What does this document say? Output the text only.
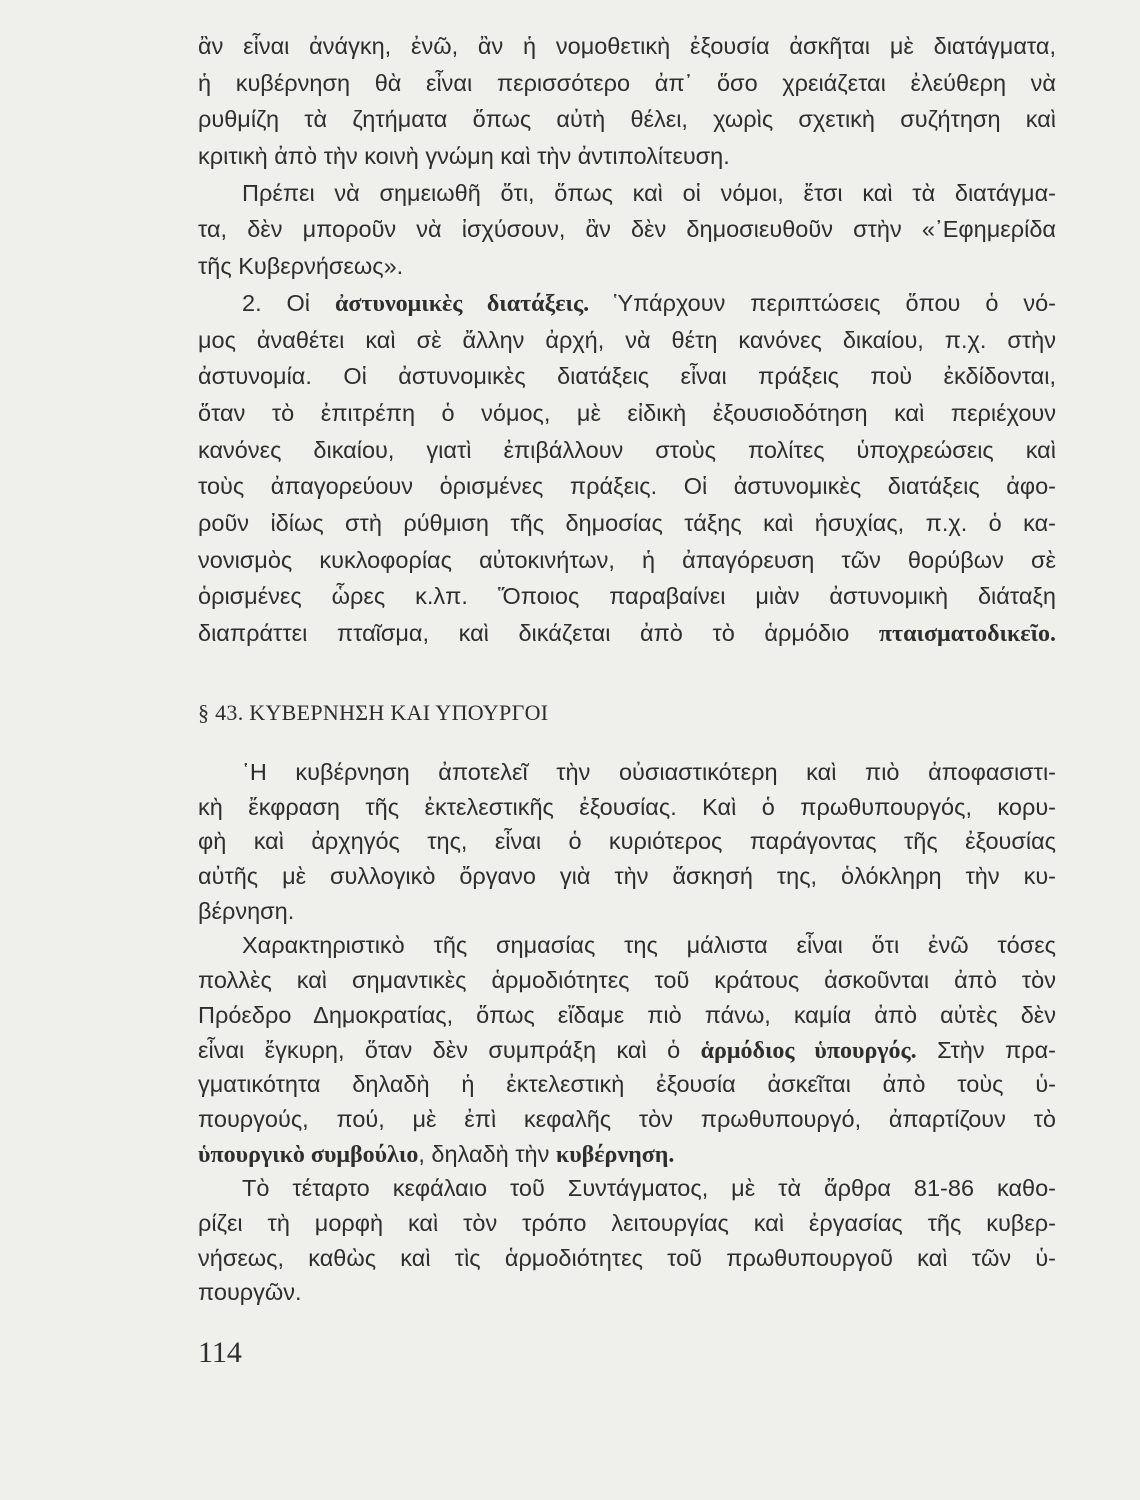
ἂν εἶναι ἀνάγκη, ἐνῶ, ἂν ἡ νομοθετικὴ ἐξουσία ἀσκῆται μὲ διατάγματα,
ἡ κυβέρνηση θὰ εἶναι περισσότερο ἀπ᾽ ὅσο χρειάζεται ἐλεύθερη νὰ
ρυθμίζη τὰ ζητήματα ὅπως αὐτὴ θέλει, χωρὶς σχετικὴ συζήτηση καὶ
κριτικὴ ἀπὸ τὴν κοινὴ γνώμη καὶ τὴν ἀντιπολίτευση.
Πρέπει νὰ σημειωθῆ ὅτι, ὅπως καὶ οἱ νόμοι, ἔτσι καὶ τὰ διατάγμα-
τα, δὲν μποροῦν νὰ ἰσχύσουν, ἂν δὲν δημοσιευθοῦν στὴν «᾿Εφημερίδα
τῆς Κυβερνήσεως».
2. Οἱ ἀστυνομικὲς διατάξεις. Ὑπάρχουν περιπτώσεις ὅπου ὁ νό-
μος ἀναθέτει καὶ σὲ ἄλλην ἀρχή, νὰ θέτη κανόνες δικαίου, π.χ. στὴν
ἀστυνομία. Οἱ ἀστυνομικὲς διατάξεις εἶναι πράξεις ποὺ ἐκδίδονται,
ὅταν τὸ ἐπιτρέπη ὁ νόμος, μὲ εἰδικὴ ἐξουσιοδότηση καὶ περιέχουν
κανόνες δικαίου, γιατὶ ἐπιβάλλουν στοὺς πολίτες ὑποχρεώσεις καὶ
τοὺς ἀπαγορεύουν ὁρισμένες πράξεις. Οἱ ἀστυνομικὲς διατάξεις ἀφο-
ροῦν ἰδίως στὴ ρύθμιση τῆς δημοσίας τάξης καὶ ἡσυχίας, π.χ. ὁ κα-
νονισμὸς κυκλοφορίας αὐτοκινήτων, ἡ ἀπαγόρευση τῶν θορύβων σὲ
ὁρισμένες ὧρες κ.λπ. Ὅποιος παραβαίνει μιὰν ἀστυνομικὴ διάταξη
διαπράττει πταῖσμα, καὶ δικάζεται ἀπὸ τὸ ἁρμόδιο πταισματοδικεῖο.
§ 43. ΚΥΒΕΡΝΗΣΗ ΚΑΙ ΥΠΟΥΡΓΟΙ
῾Η κυβέρνηση ἀποτελεῖ τὴν οὐσιαστικότερη καὶ πιὸ ἀποφασιστι-
κὴ ἔκφραση τῆς ἐκτελεστικῆς ἐξουσίας. Καὶ ὁ πρωθυπουργός, κορυ-
φὴ καὶ ἀρχηγός της, εἶναι ὁ κυριότερος παράγοντας τῆς ἐξουσίας
αὐτῆς μὲ συλλογικὸ ὄργανο γιὰ τὴν ἄσκησή της, ὁλόκληρη τὴν κυ-
βέρνηση.
Χαρακτηριστικὸ τῆς σημασίας της μάλιστα εἶναι ὅτι ἐνῶ τόσες
πολλὲς καὶ σημαντικὲς ἁρμοδιότητες τοῦ κράτους ἀσκοῦνται ἀπὸ τὸν
Πρόεδρο Δημοκρατίας, ὅπως εἴδαμε πιὸ πάνω, καμία ἀπὸ αὐτὲς δὲν
εἶναι ἔγκυρη, ὅταν δὲν συμπράξη καὶ ὁ ἁρμόδιος ὑπουργός. Στὴν πρα-
γματικότητα δηλαδὴ ἡ ἐκτελεστικὴ ἐξουσία ἀσκεῖται ἀπὸ τοὺς ὑ-
πουργούς, πού, μὲ ἐπὶ κεφαλῆς τὸν πρωθυπουργό, ἀπαρτίζουν τὸ
ὑπουργικὸ συμβούλιο, δηλαδὴ τὴν κυβέρνηση.
Τὸ τέταρτο κεφάλαιο τοῦ Συντάγματος, μὲ τὰ ἄρθρα 81-86 καθο-
ρίζει τὴ μορφὴ καὶ τὸν τρόπο λειτουργίας καὶ ἐργασίας τῆς κυβερ-
νήσεως, καθὼς καὶ τὶς ἁρμοδιότητες τοῦ πρωθυπουργοῦ καὶ τῶν ὑ-
πουργῶν.
114
